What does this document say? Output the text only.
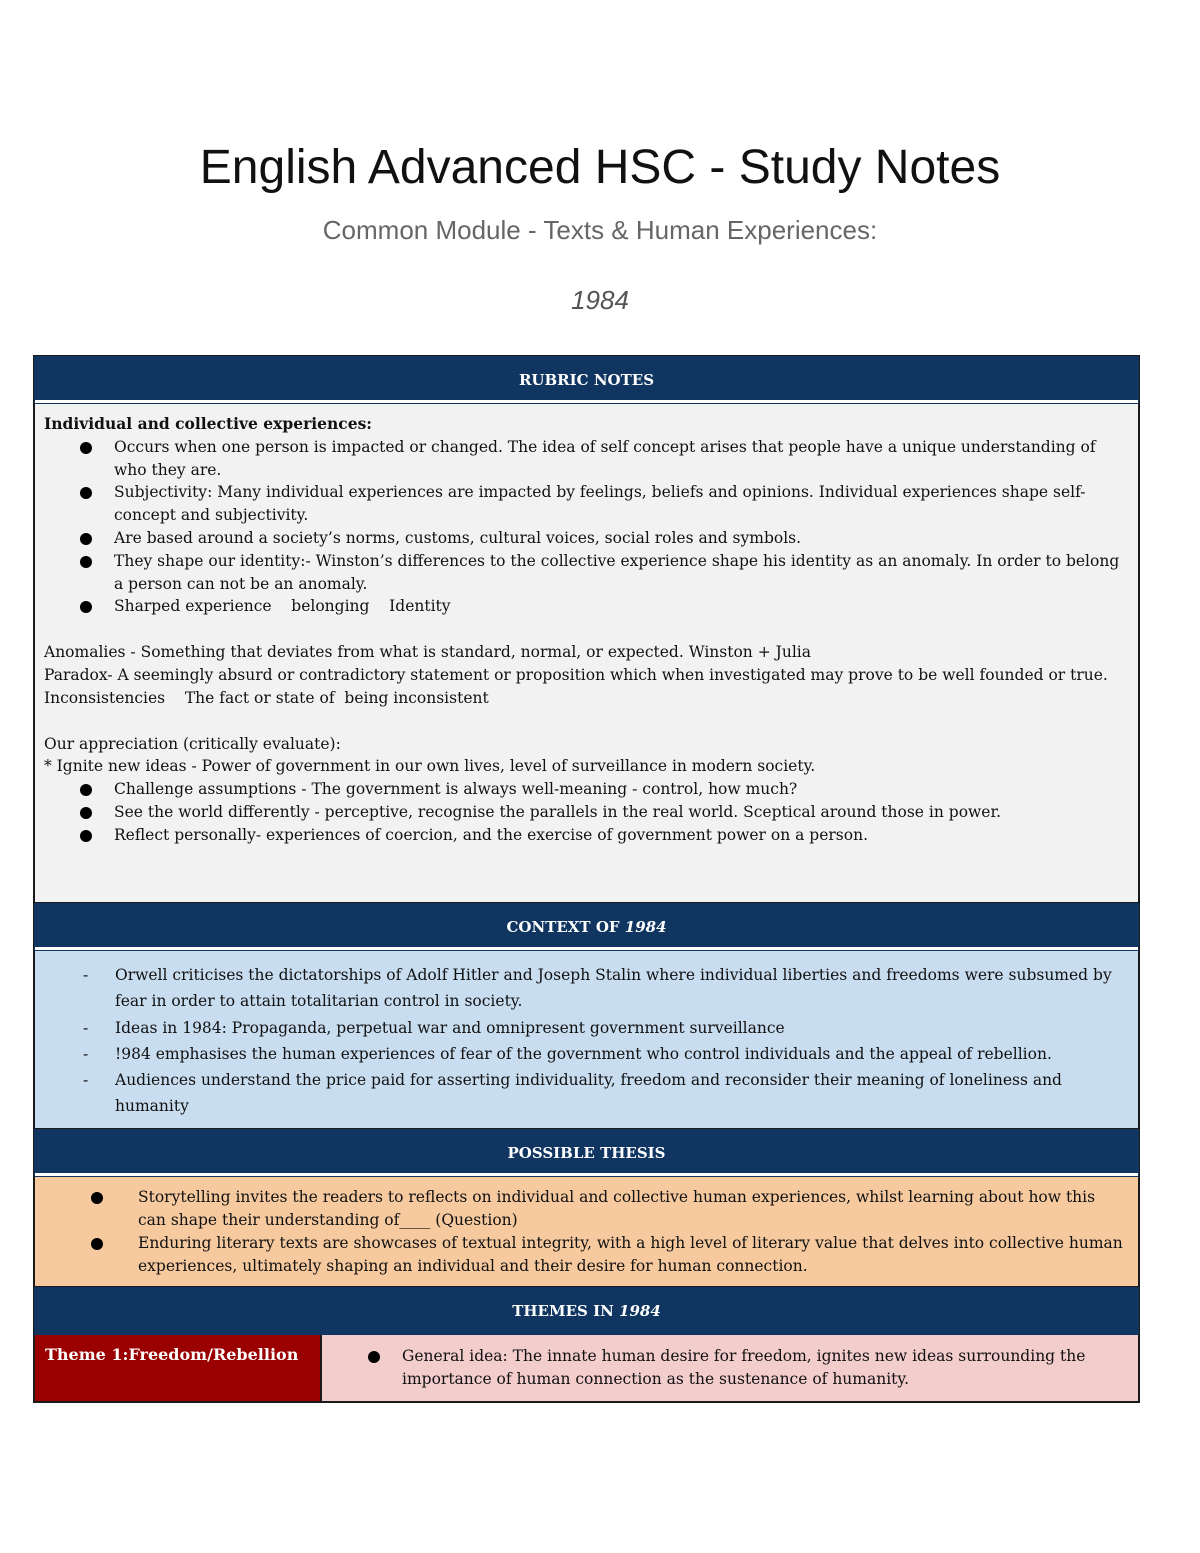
English Advanced HSC - Study Notes
Common Module - Texts & Human Experiences:
1984
RUBRIC NOTES
Individual and collective experiences:
Occurs when one person is impacted or changed. The idea of self concept arises that people have a unique understanding of who they are.
Subjectivity: Many individual experiences are impacted by feelings, beliefs and opinions. Individual experiences shape self-concept and subjectivity.
Are based around a society’s norms, customs, cultural voices, social roles and symbols.
They shape our identity:- Winston’s differences to the collective experience shape his identity as an anomaly. In order to belong a person can not be an anomaly.
Sharped experience    belonging    Identity
Anomalies - Something that deviates from what is standard, normal, or expected. Winston + Julia
Paradox- A seemingly absurd or contradictory statement or proposition which when investigated may prove to be well founded or true.
Inconsistencies    The fact or state of  being inconsistent
Our appreciation (critically evaluate):
* Ignite new ideas - Power of government in our own lives, level of surveillance in modern society.
Challenge assumptions - The government is always well-meaning - control, how much?
See the world differently - perceptive, recognise the parallels in the real world. Sceptical around those in power.
Reflect personally- experiences of coercion, and the exercise of government power on a person.
CONTEXT OF 1984
- Orwell criticises the dictatorships of Adolf Hitler and Joseph Stalin where individual liberties and freedoms were subsumed by fear in order to attain totalitarian control in society.
- Ideas in 1984: Propaganda, perpetual war and omnipresent government surveillance
- !984 emphasises the human experiences of fear of the government who control individuals and the appeal of rebellion.
- Audiences understand the price paid for asserting individuality, freedom and reconsider their meaning of loneliness and humanity
POSSIBLE THESIS
Storytelling invites the readers to reflects on individual and collective human experiences, whilst learning about how this can shape their understanding of____ (Question)
Enduring literary texts are showcases of textual integrity, with a high level of literary value that delves into collective human experiences, ultimately shaping an individual and their desire for human connection.
THEMES IN 1984
Theme 1:Freedom/Rebellion	General idea: The innate human desire for freedom, ignites new ideas surrounding the importance of human connection as the sustenance of humanity.
